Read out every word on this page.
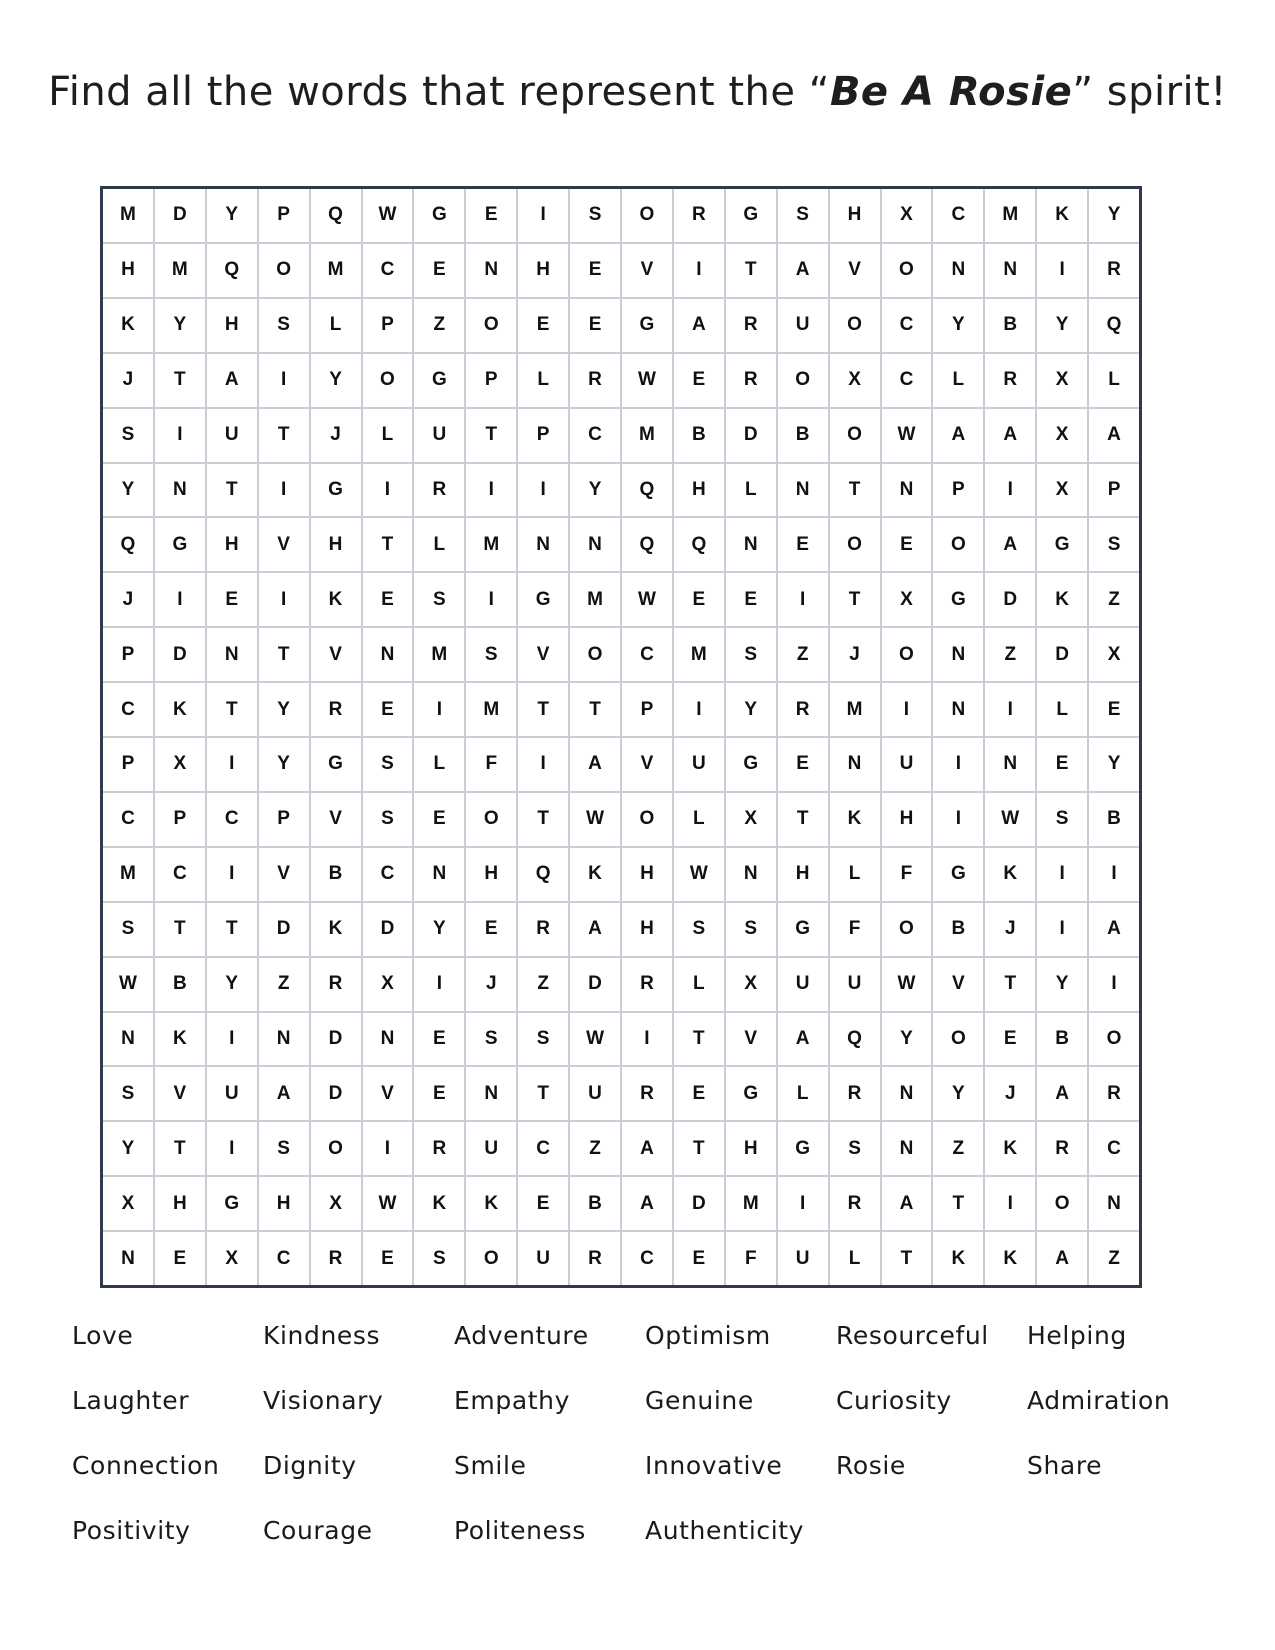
Find all the words that represent the “Be A Rosie” spirit!
M	D	Y	P	Q	W	G	E	I	S	O	R	G	S	H	X	C	M	K	Y
H	M	Q	O	M	C	E	N	H	E	V	I	T	A	V	O	N	N	I	R
K	Y	H	S	L	P	Z	O	E	E	G	A	R	U	O	C	Y	B	Y	Q
J	T	A	I	Y	O	G	P	L	R	W	E	R	O	X	C	L	R	X	L
S	I	U	T	J	L	U	T	P	C	M	B	D	B	O	W	A	A	X	A
Y	N	T	I	G	I	R	I	I	Y	Q	H	L	N	T	N	P	I	X	P
Q	G	H	V	H	T	L	M	N	N	Q	Q	N	E	O	E	O	A	G	S
J	I	E	I	K	E	S	I	G	M	W	E	E	I	T	X	G	D	K	Z
P	D	N	T	V	N	M	S	V	O	C	M	S	Z	J	O	N	Z	D	X
C	K	T	Y	R	E	I	M	T	T	P	I	Y	R	M	I	N	I	L	E
P	X	I	Y	G	S	L	F	I	A	V	U	G	E	N	U	I	N	E	Y
C	P	C	P	V	S	E	O	T	W	O	L	X	T	K	H	I	W	S	B
M	C	I	V	B	C	N	H	Q	K	H	W	N	H	L	F	G	K	I	I
S	T	T	D	K	D	Y	E	R	A	H	S	S	G	F	O	B	J	I	A
W	B	Y	Z	R	X	I	J	Z	D	R	L	X	U	U	W	V	T	Y	I
N	K	I	N	D	N	E	S	S	W	I	T	V	A	Q	Y	O	E	B	O
S	V	U	A	D	V	E	N	T	U	R	E	G	L	R	N	Y	J	A	R
Y	T	I	S	O	I	R	U	C	Z	A	T	H	G	S	N	Z	K	R	C
X	H	G	H	X	W	K	K	E	B	A	D	M	I	R	A	T	I	O	N
N	E	X	C	R	E	S	O	U	R	C	E	F	U	L	T	K	K	A	Z
Love	Kindness	Adventure	Optimism	Resourceful	Helping
Laughter	Visionary	Empathy	Genuine	Curiosity	Admiration
Connection	Dignity	Smile	Innovative	Rosie	Share
Positivity	Courage	Politeness	Authenticity
